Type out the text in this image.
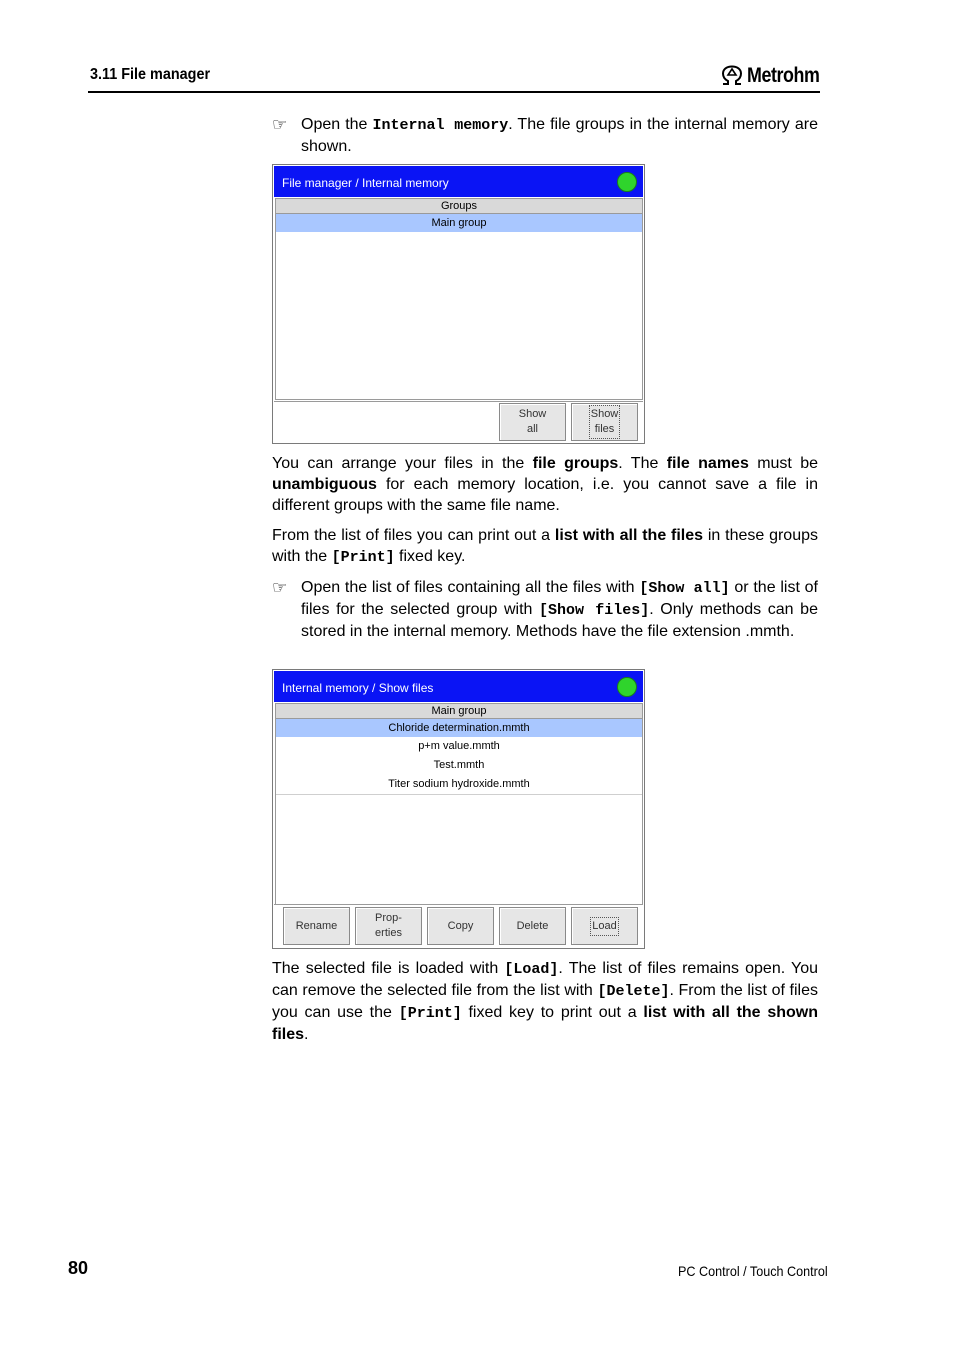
3.11 File manager	Metrohm
☞ Open the Internal memory. The file groups in the internal memory are shown.
File manager / Internal memory
Groups
Main group
Show
all
Show
files
You can arrange your files in the file groups. The file names must be unambiguous for each memory location, i.e. you cannot save a file in different groups with the same file name.
From the list of files you can print out a list with all the files in these groups with the [Print] fixed key.
☞ Open the list of files containing all the files with [Show all] or the list of files for the selected group with [Show files]. Only methods can be stored in the internal memory. Methods have the file extension .mmth.
Internal memory / Show files
Main group
Chloride determination.mmth
p+m value.mmth
Test.mmth
Titer sodium hydroxide.mmth
Rename
Prop-
erties
Copy	Delete	Load
The selected file is loaded with [Load]. The list of files remains open. You can remove the selected file from the list with [Delete]. From the list of files you can use the [Print] fixed key to print out a list with all the shown files.
80	PC Control / Touch Control
